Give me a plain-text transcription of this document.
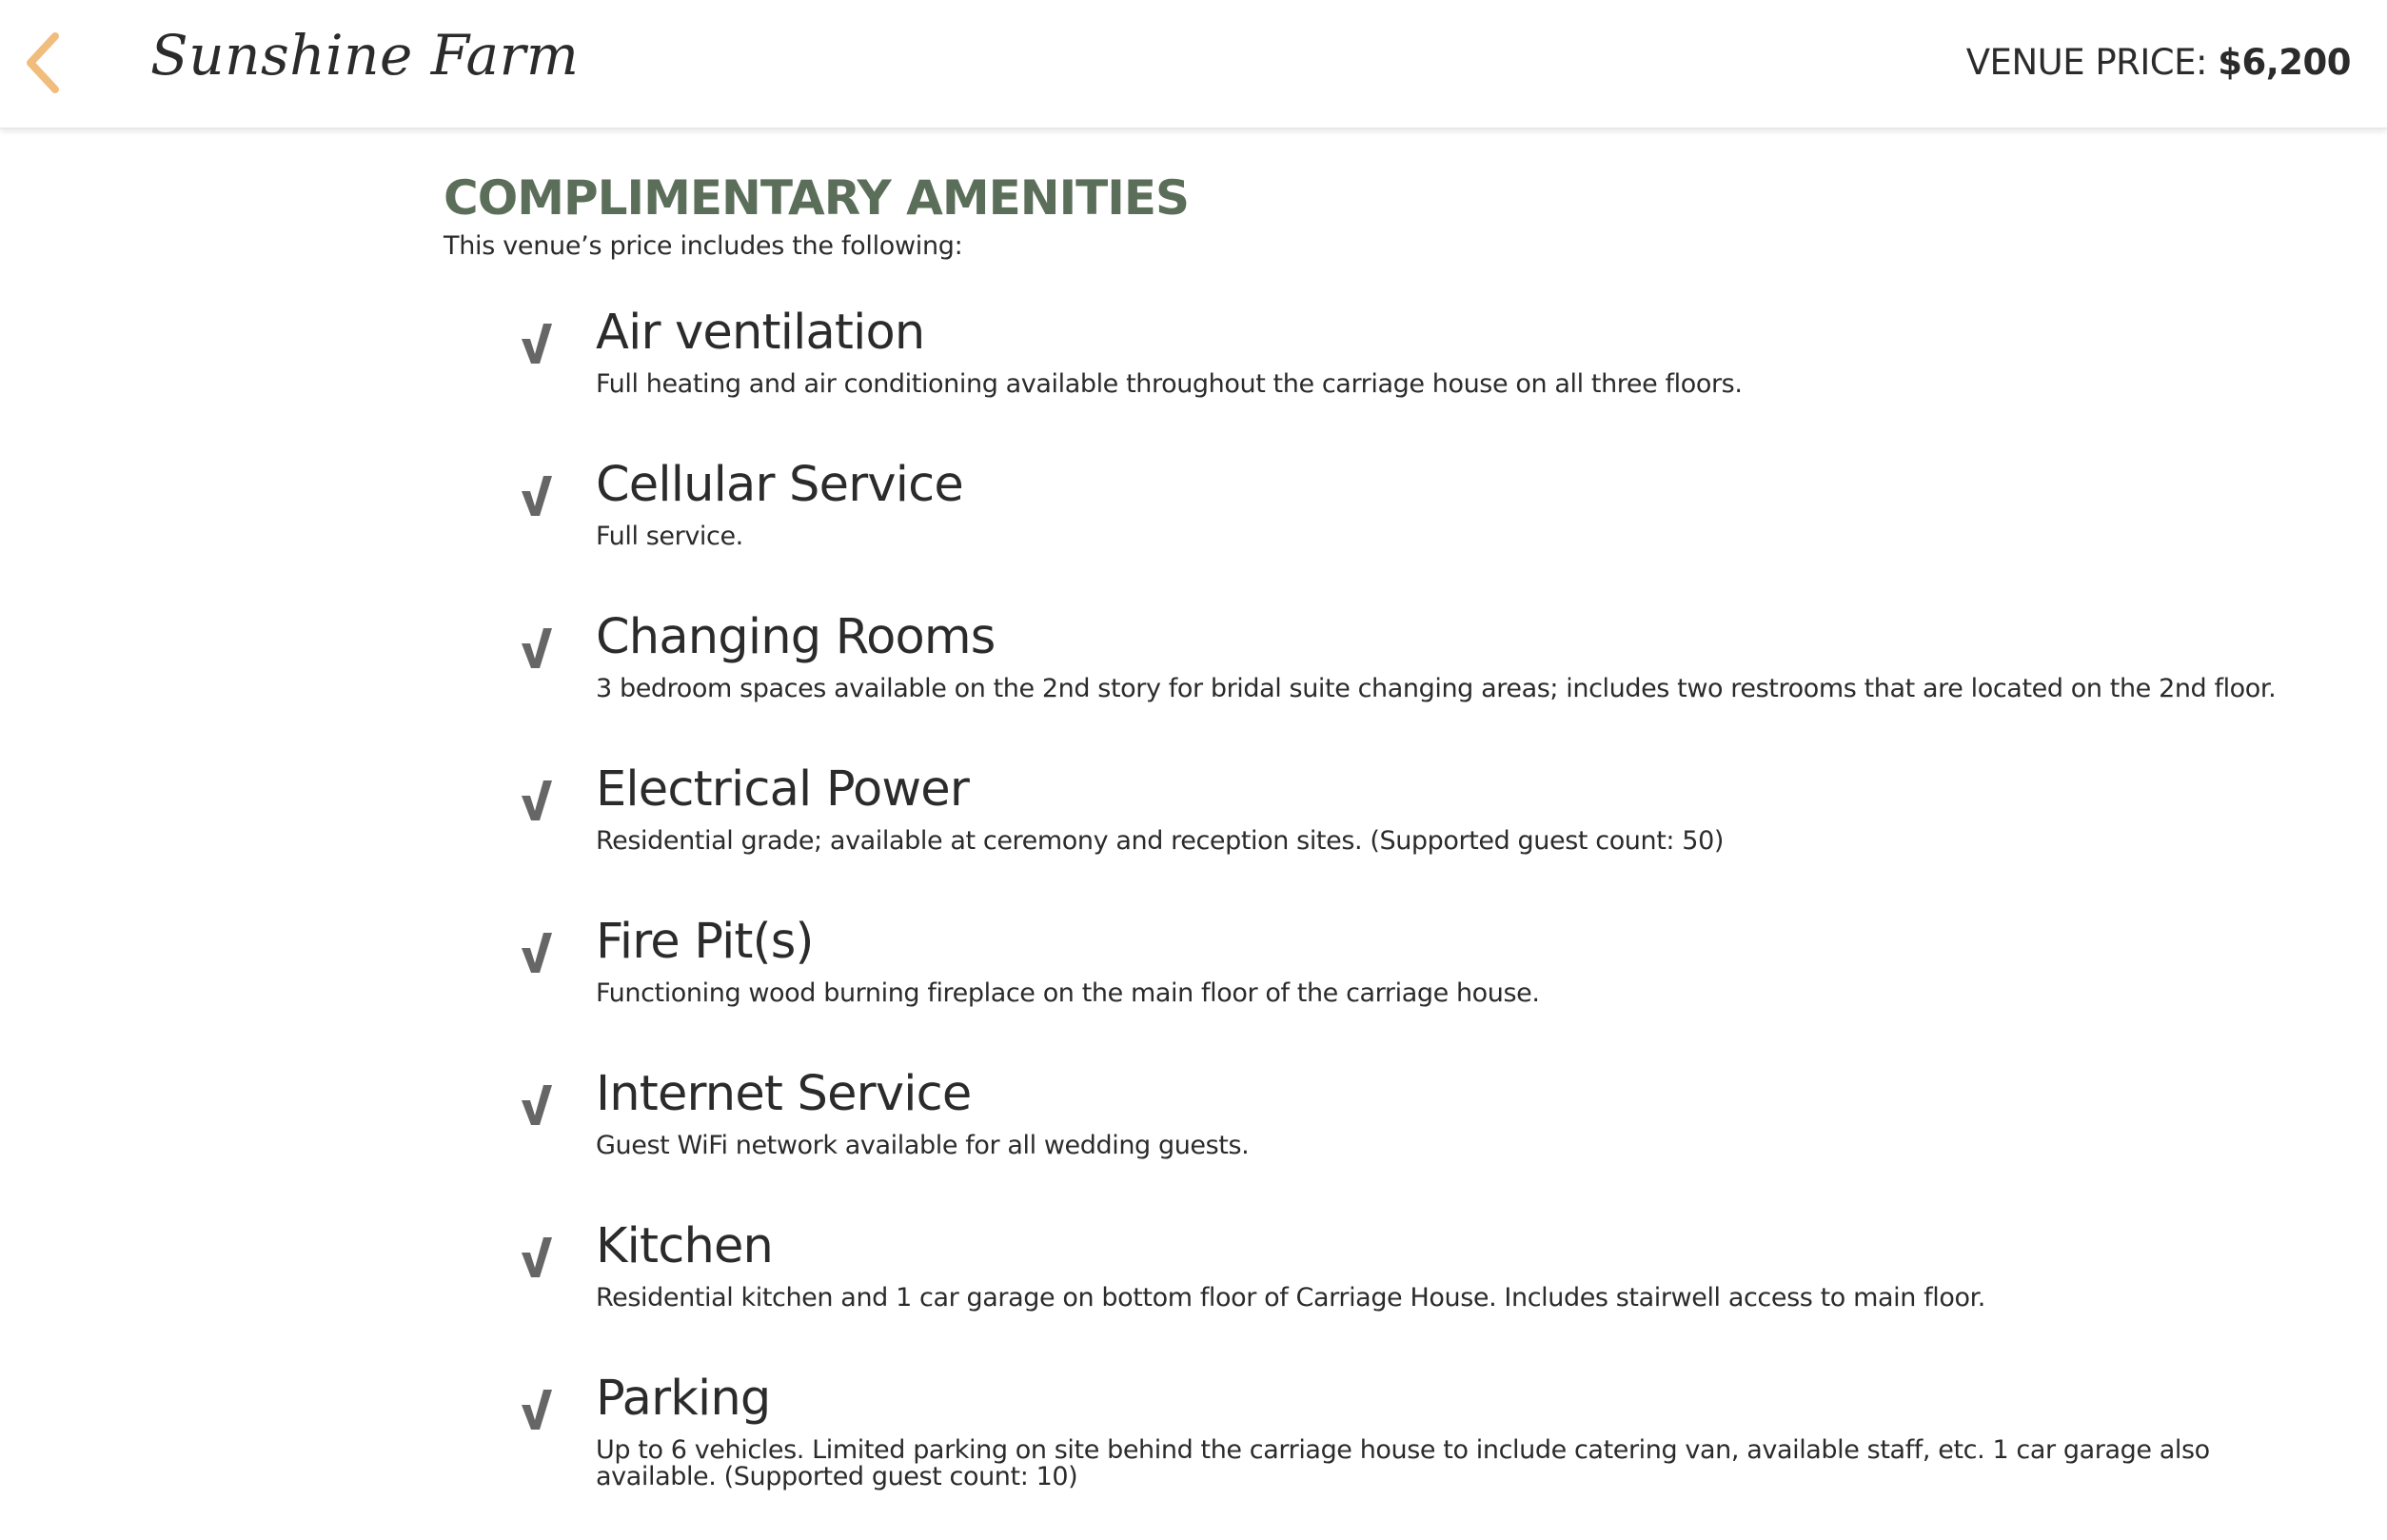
Sunshine Farm	VENUE PRICE: $6,200
COMPLIMENTARY AMENITIES

This venue’s price includes the following:

Air ventilation
Full heating and air conditioning available throughout the carriage house on all three floors.
Cellular Service
Full service.
Changing Rooms
3 bedroom spaces available on the 2nd story for bridal suite changing areas; includes two restrooms that are located on the 2nd floor.
Electrical Power
Residential grade; available at ceremony and reception sites. (Supported guest count: 50)
Fire Pit(s)
Functioning wood burning fireplace on the main floor of the carriage house.
Internet Service
Guest WiFi network available for all wedding guests.
Kitchen
Residential kitchen and 1 car garage on bottom floor of Carriage House. Includes stairwell access to main floor.
Parking
Up to 6 vehicles. Limited parking on site behind the carriage house to include catering van, available staff, etc. 1 car garage also available. (Supported guest count: 10)
